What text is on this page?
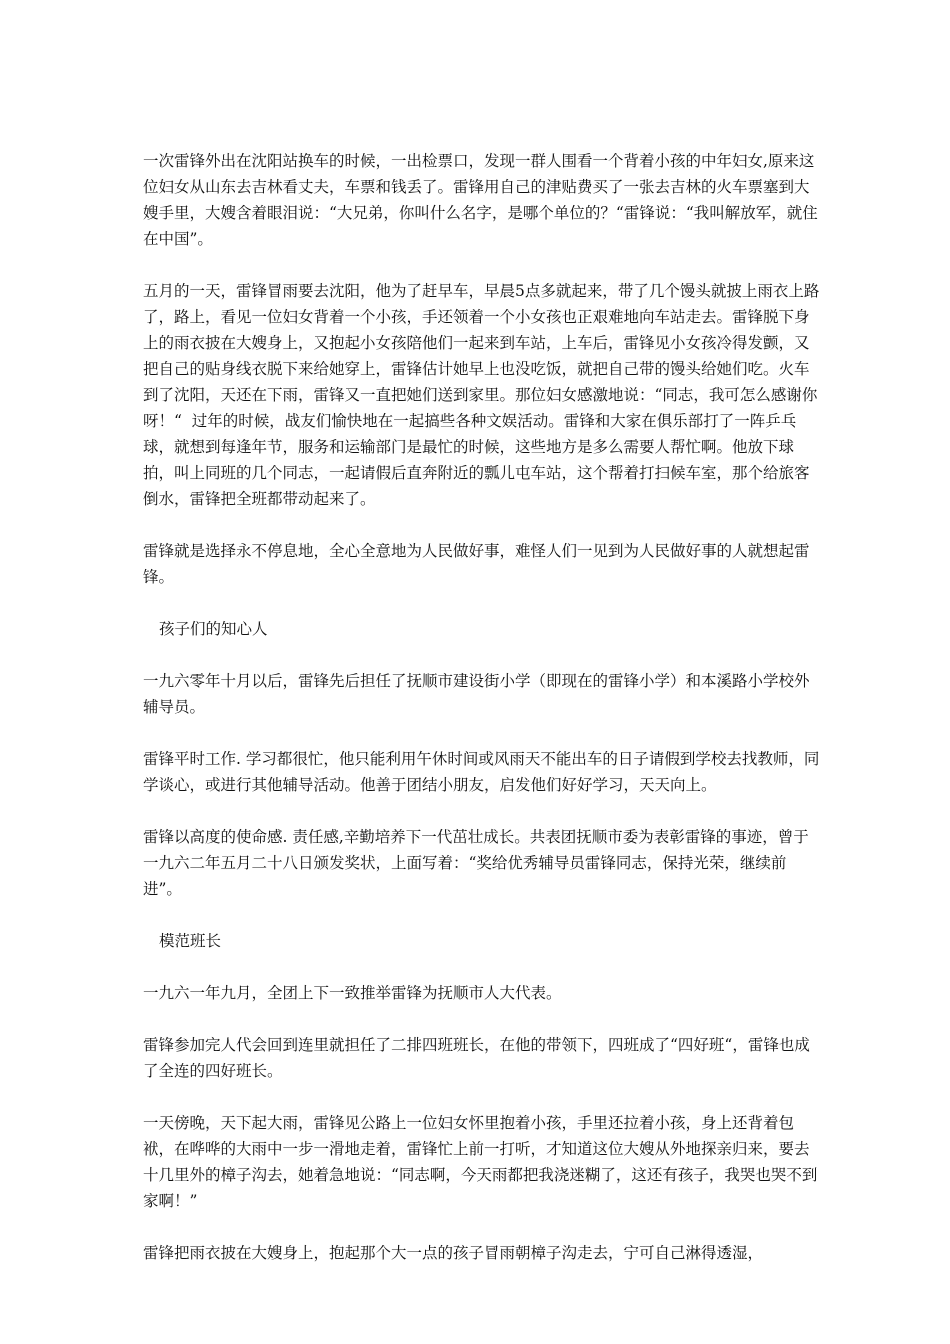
一次雷锋外出在沈阳站换车的时候，一出检票口，发现一群人围看一个背着小孩的中年妇女,原来这位妇女从山东去吉林看丈夫，车票和钱丢了。雷锋用自己的津贴费买了一张去吉林的火车票塞到大嫂手里，大嫂含着眼泪说：“大兄弟，你叫什么名字，是哪个单位的？“雷锋说：“我叫解放军，就住在中国”。

五月的一天，雷锋冒雨要去沈阳，他为了赶早车，早晨5点多就起来，带了几个馒头就披上雨衣上路了，路上，看见一位妇女背着一个小孩，手还领着一个小女孩也正艰难地向车站走去。雷锋脱下身上的雨衣披在大嫂身上，又抱起小女孩陪他们一起来到车站，上车后，雷锋见小女孩冷得发颤，又把自己的贴身线衣脱下来给她穿上，雷锋估计她早上也没吃饭，就把自己带的馒头给她们吃。火车到了沈阳，天还在下雨，雷锋又一直把她们送到家里。那位妇女感激地说：“同志，我可怎么感谢你呀！“  过年的时候，战友们愉快地在一起搞些各种文娱活动。雷锋和大家在俱乐部打了一阵乒乓球，就想到每逢年节，服务和运输部门是最忙的时候，这些地方是多么需要人帮忙啊。他放下球拍，叫上同班的几个同志，一起请假后直奔附近的瓢儿屯车站，这个帮着打扫候车室，那个给旅客倒水，雷锋把全班都带动起来了。

雷锋就是选择永不停息地，全心全意地为人民做好事，难怪人们一见到为人民做好事的人就想起雷锋。

孩子们的知心人

一九六零年十月以后，雷锋先后担任了抚顺市建设街小学（即现在的雷锋小学）和本溪路小学校外辅导员。

雷锋平时工作. 学习都很忙，他只能利用午休时间或风雨天不能出车的日子请假到学校去找教师，同学谈心，或进行其他辅导活动。他善于团结小朋友，启发他们好好学习，天天向上。

雷锋以高度的使命感. 责任感,辛勤培养下一代茁壮成长。共表团抚顺市委为表彰雷锋的事迹，曾于一九六二年五月二十八日颁发奖状，上面写着：“奖给优秀辅导员雷锋同志，保持光荣，继续前进”。

模范班长

一九六一年九月，全团上下一致推举雷锋为抚顺市人大代表。

雷锋参加完人代会回到连里就担任了二排四班班长，在他的带领下，四班成了“四好班“，雷锋也成了全连的四好班长。

一天傍晚，天下起大雨，雷锋见公路上一位妇女怀里抱着小孩，手里还拉着小孩，身上还背着包袱，在哗哗的大雨中一步一滑地走着，雷锋忙上前一打听，才知道这位大嫂从外地探亲归来，要去十几里外的樟子沟去，她着急地说：“同志啊，今天雨都把我浇迷糊了，这还有孩子，我哭也哭不到家啊！”

雷锋把雨衣披在大嫂身上，抱起那个大一点的孩子冒雨朝樟子沟走去，宁可自己淋得透湿，
